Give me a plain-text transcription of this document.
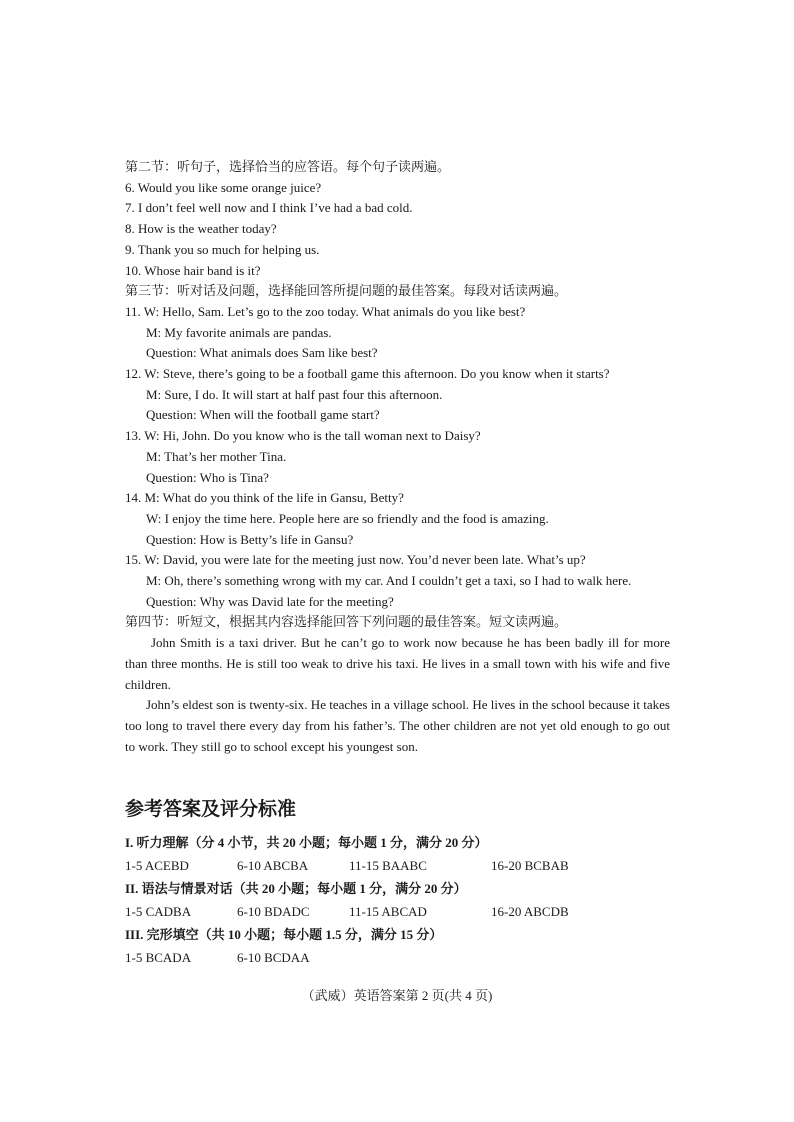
第二节：听句子，选择恰当的应答语。每个句子读两遍。
6. Would you like some orange juice?
7. I don’t feel well now and I think I’ve had a bad cold.
8. How is the weather today?
9. Thank you so much for helping us.
10. Whose hair band is it?
第三节：听对话及问题，选择能回答所提问题的最佳答案。每段对话读两遍。
11. W: Hello, Sam. Let’s go to the zoo today. What animals do you like best?
M: My favorite animals are pandas.
Question: What animals does Sam like best?
12. W: Steve, there’s going to be a football game this afternoon. Do you know when it starts?
M: Sure, I do. It will start at half past four this afternoon.
Question: When will the football game start?
13. W: Hi, John. Do you know who is the tall woman next to Daisy?
M: That’s her mother Tina.
Question: Who is Tina?
14. M: What do you think of the life in Gansu, Betty?
W: I enjoy the time here. People here are so friendly and the food is amazing.
Question: How is Betty’s life in Gansu?
15. W: David, you were late for the meeting just now. You’d never been late. What’s up?
M: Oh, there’s something wrong with my car. And I couldn’t get a taxi, so I had to walk here.
Question: Why was David late for the meeting?
第四节：听短文，根据其内容选择能回答下列问题的最佳答案。短文读两遍。
John Smith is a taxi driver. But he can’t go to work now because he has been badly ill for more than three months. He is still too weak to drive his taxi. He lives in a small town with his wife and five children.
John’s eldest son is twenty-six. He teaches in a village school. He lives in the school because it takes too long to travel there every day from his father’s. The other children are not yet old enough to go out to work. They still go to school except his youngest son.
参考答案及评分标准
I. 听力理解（分 4 小节，共 20 小题；每小题 1 分，满分 20 分）
1-5 ACEBD	6-10 ABCBA	11-15 BAABC	16-20 BCBAB
II. 语法与情景对话（共 20 小题；每小题 1 分，满分 20 分）
1-5 CADBA	6-10 BDADC	11-15 ABCAD	16-20 ABCDB
III. 完形填空（共 10 小题；每小题 1.5 分，满分 15 分）
1-5 BCADA	6-10 BCDAA
（武威）英语答案第 2 页(共 4 页)
